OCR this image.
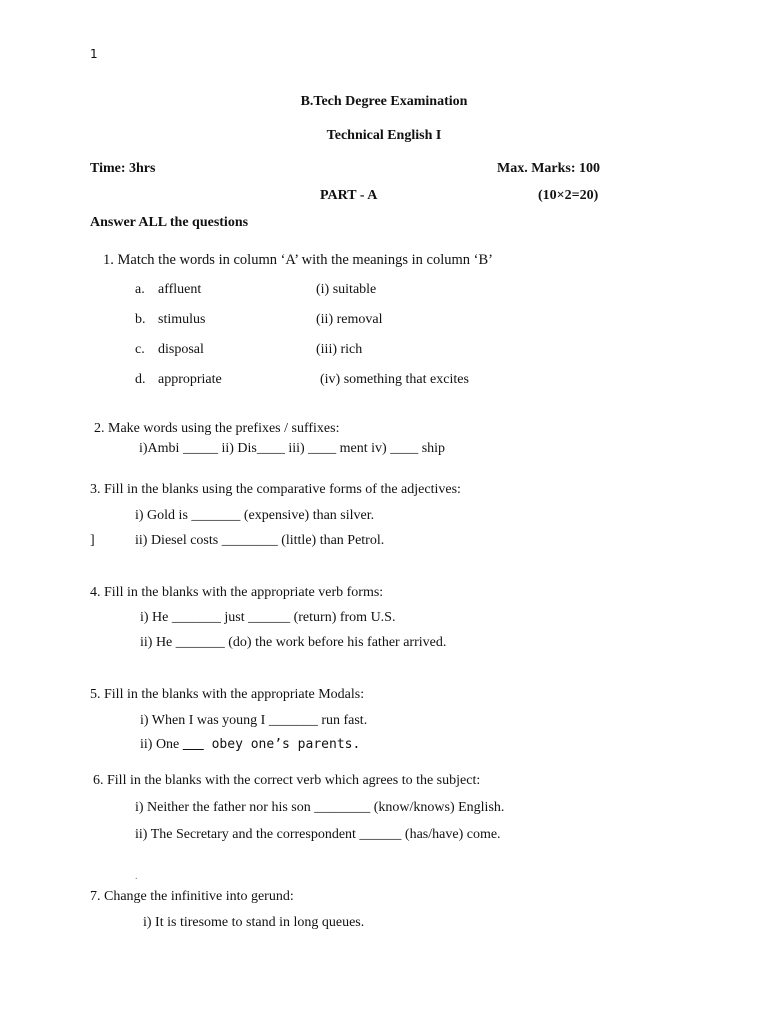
1
B.Tech Degree Examination
Technical English I
Time: 3hrs	Max. Marks: 100
PART - A	(10×2=20)
Answer ALL the questions
1. Match the words in column ‘A’ with the meanings in column ‘B’
a. affluent	(i) suitable
b. stimulus	(ii) removal
c. disposal	(iii) rich
d. appropriate	(iv) something that excites
2. Make words using the prefixes / suffixes:
i)Ambi _____ ii) Dis____ iii) ____ ment iv) ____ ship
3. Fill in the blanks using the comparative forms of the adjectives:
i) Gold is _______ (expensive) than silver.
]	ii) Diesel costs ________ (little) than Petrol.
4. Fill in the blanks with the appropriate verb forms:
i) He _______ just ______ (return) from U.S.
ii) He _______ (do) the work before his father arrived.
5. Fill in the blanks with the appropriate Modals:
i) When I was young I _______ run fast.
ii) One        obey one’s parents.
6. Fill in the blanks with the correct verb which agrees to the subject:
i) Neither the father nor his son ________ (know/knows) English.
ii) The Secretary and the correspondent ______ (has/have) come.
.
7. Change the infinitive into gerund:
i) It is tiresome to stand in long queues.
